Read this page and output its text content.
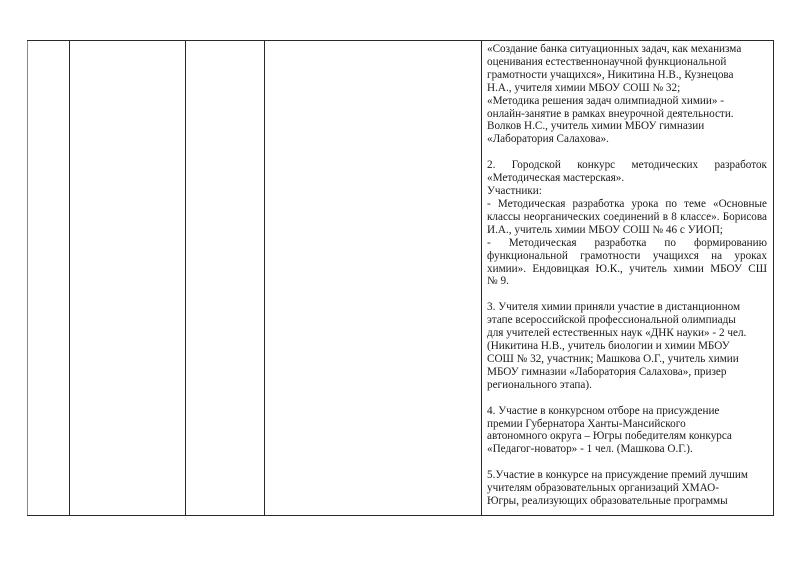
«Создание банка ситуационных задач, как механизма

оценивания естественнонаучной функциональной

грамотности учащихся», Никитина Н.В., Кузнецова

Н.А., учителя химии МБОУ СОШ № 32;

«Методика решения задач олимпиадной химии» -

онлайн-занятие в рамках внеурочной деятельности.

Волков Н.С., учитель химии МБОУ гимназии

«Лаборатория Салахова».

2. Городской конкурс методических разработок

«Методическая мастерская».

Участники:

- Методическая разработка урока по теме «Основные

классы неорганических соединений в 8 классе». Борисова

И.А., учитель химии МБОУ СОШ № 46 с УИОП;

- Методическая разработка по формированию

функциональной грамотности учащихся на уроках

химии». Ендовицкая Ю.К., учитель химии МБОУ СШ

№ 9.

3. Учителя химии приняли участие в дистанционном

этапе всероссийской профессиональной олимпиады

для учителей естественных наук «ДНК науки» - 2 чел.

(Никитина Н.В., учитель биологии и химии МБОУ

СОШ № 32, участник; Машкова О.Г., учитель химии

МБОУ гимназии «Лаборатория Салахова», призер

регионального этапа).

4. Участие в конкурсном отборе на присуждение

премии Губернатора Ханты-Мансийского

автономного округа – Югры победителям конкурса

«Педагог-новатор» - 1 чел. (Машкова О.Г.).

5.Участие в конкурсе на присуждение премий лучшим

учителям образовательных организаций ХМАО-

Югры, реализующих образовательные программы
